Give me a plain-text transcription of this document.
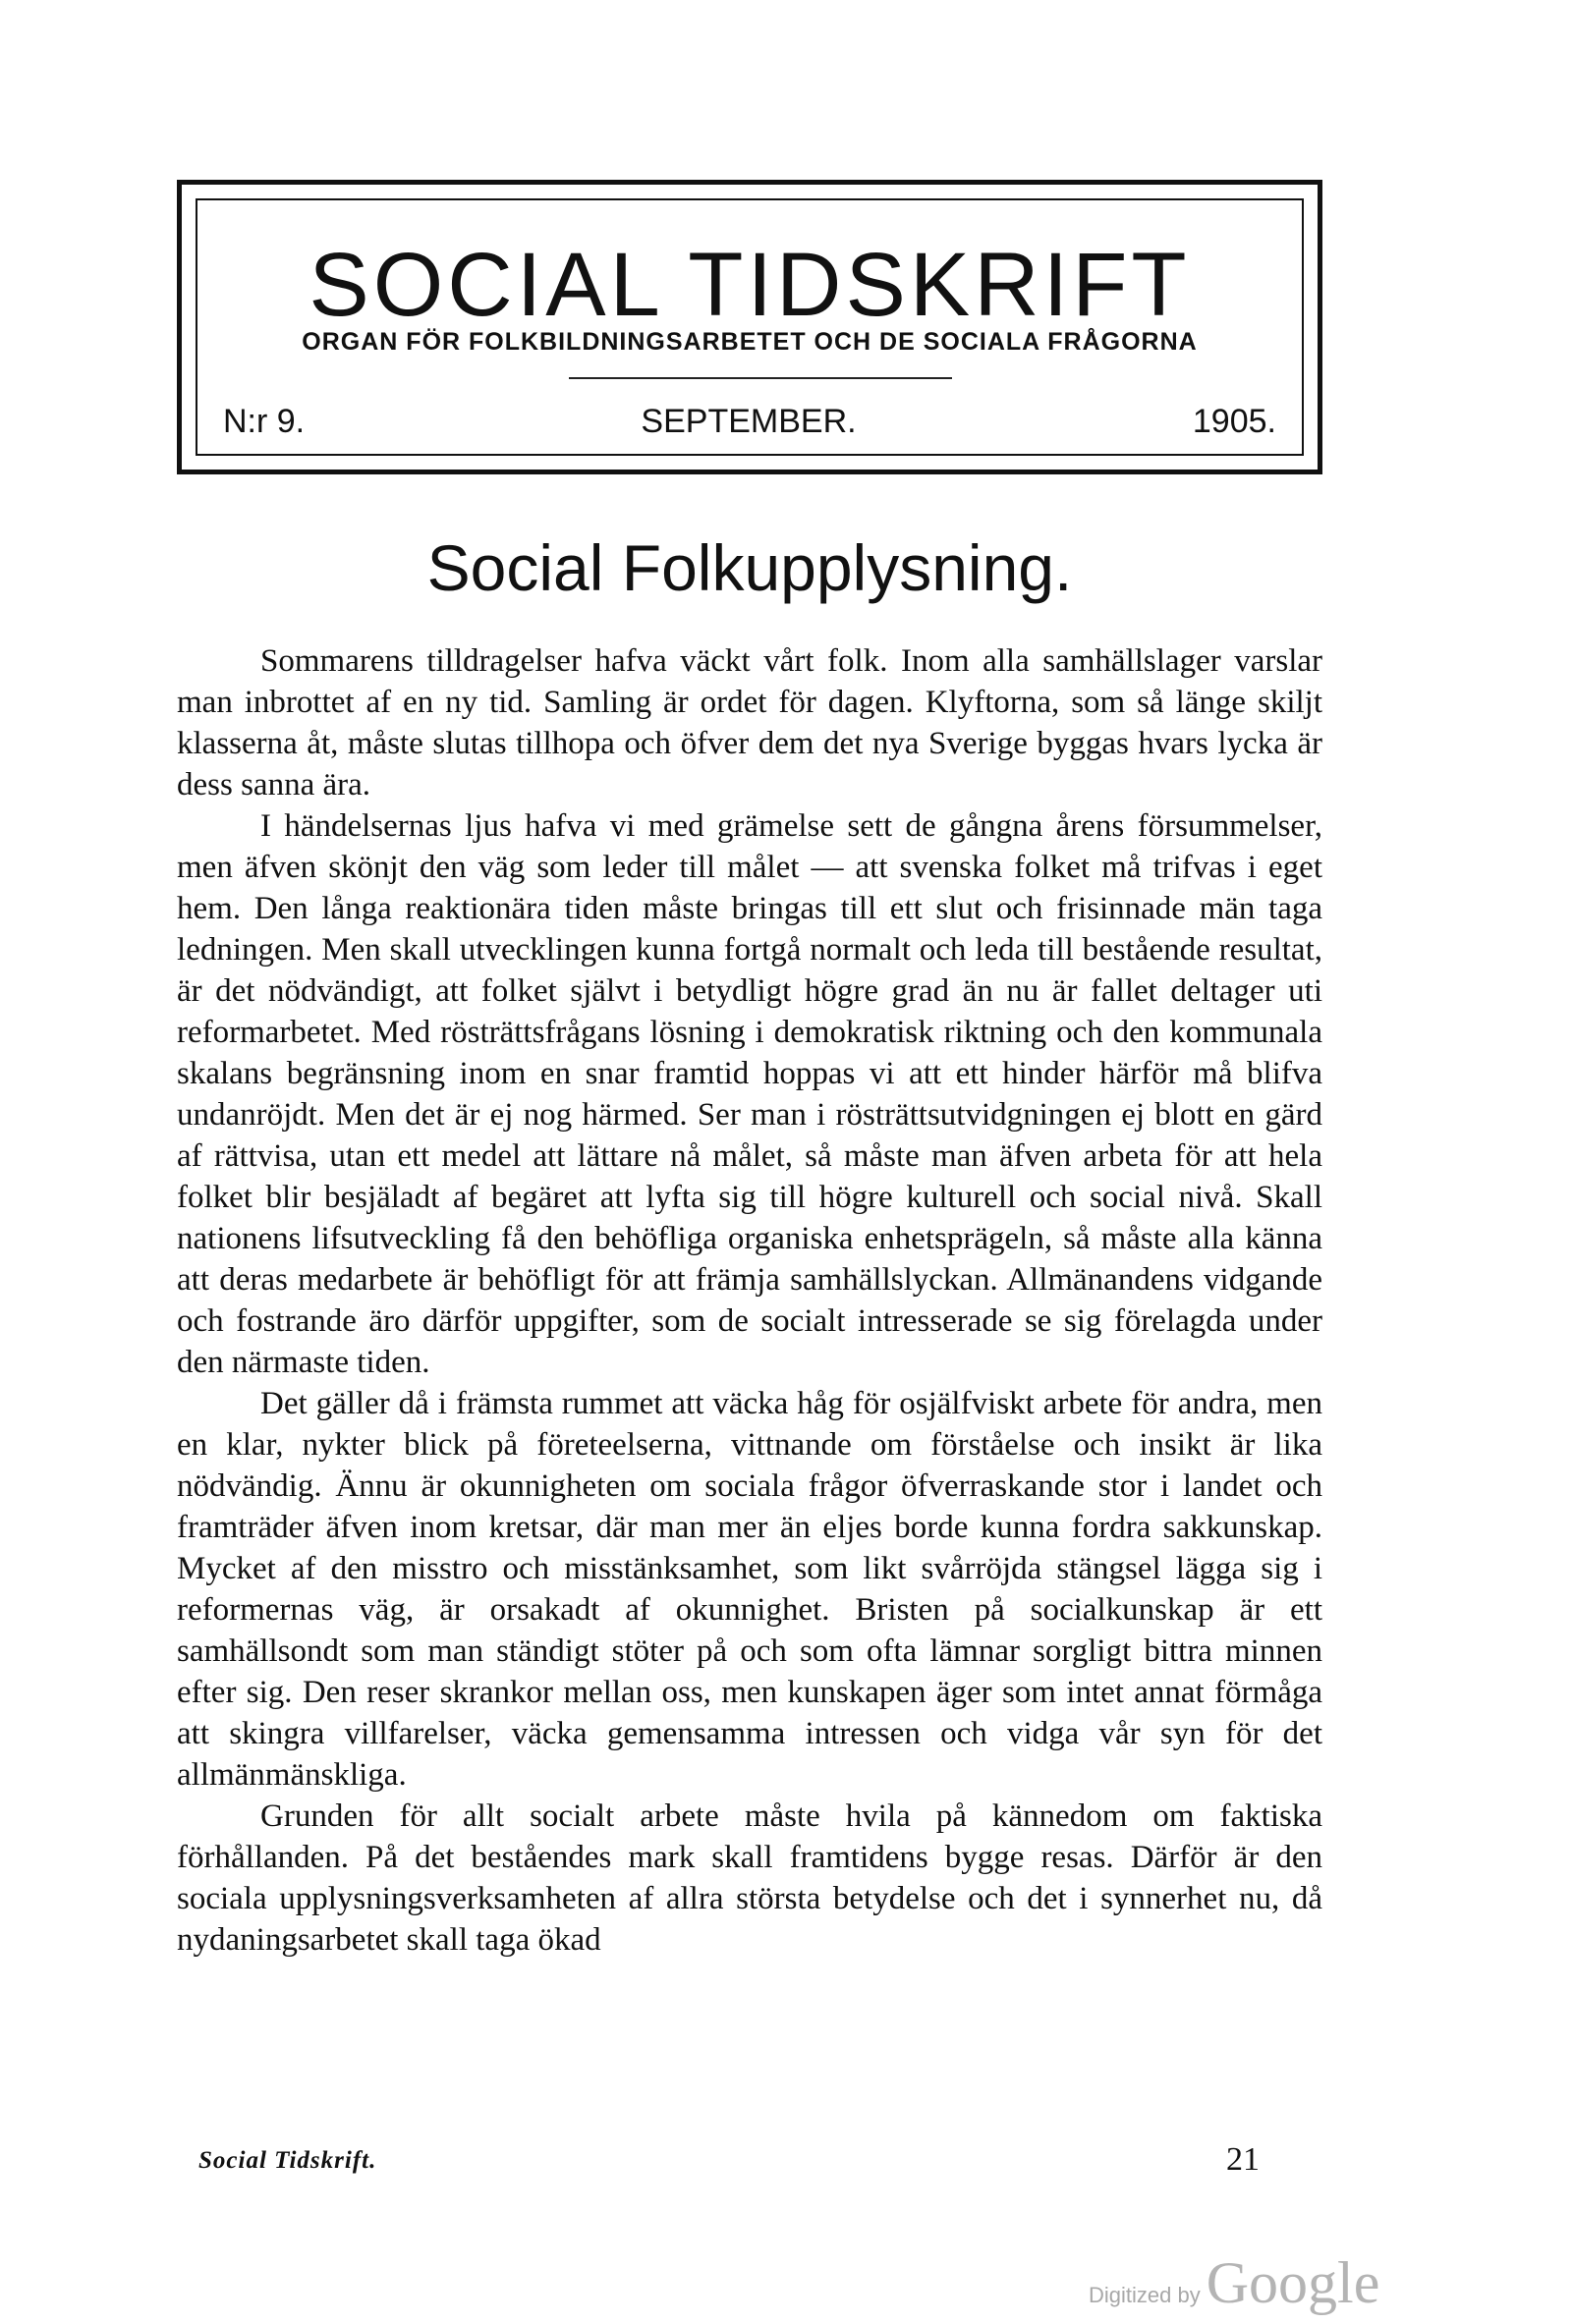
SOCIAL TIDSKRIFT
ORGAN FÖR FOLKBILDNINGSARBETET OCH DE SOCIALA FRÅGORNA
N:r 9.	SEPTEMBER.	1905.
Social Folkupplysning.

Sommarens tilldragelser hafva väckt vårt folk. Inom alla samhällslager varslar man inbrottet af en ny tid. Samling är ordet för dagen. Klyftorna, som så länge skiljt klasserna åt, måste slutas tillhopa och öfver dem det nya Sverige byggas hvars lycka är dess sanna ära.

I händelsernas ljus hafva vi med grämelse sett de gångna årens försummelser, men äfven skönjt den väg som leder till målet — att svenska folket må trifvas i eget hem. Den långa reaktionära tiden måste bringas till ett slut och frisinnade män taga ledningen. Men skall utvecklingen kunna fortgå normalt och leda till bestående resultat, är det nödvändigt, att folket självt i betydligt högre grad än nu är fallet deltager uti reformarbetet. Med rösträttsfrågans lösning i demokratisk riktning och den kommunala skalans begränsning inom en snar framtid hoppas vi att ett hinder härför må blifva undanröjdt. Men det är ej nog härmed. Ser man i rösträttsutvidgningen ej blott en gärd af rättvisa, utan ett medel att lättare nå målet, så måste man äfven arbeta för att hela folket blir besjäladt af begäret att lyfta sig till högre kulturell och social nivå. Skall nationens lifsutveckling få den behöfliga organiska enhetsprägeln, så måste alla känna att deras medarbete är behöfligt för att främja samhällslyckan. Allmänandens vidgande och fostrande äro därför uppgifter, som de socialt intresserade se sig förelagda under den närmaste tiden.

Det gäller då i främsta rummet att väcka håg för osjälfviskt arbete för andra, men en klar, nykter blick på företeelserna, vittnande om förståelse och insikt är lika nödvändig. Ännu är okunnigheten om sociala frågor öfverraskande stor i landet och framträder äfven inom kretsar, där man mer än eljes borde kunna fordra sakkunskap. Mycket af den misstro och misstänksamhet, som likt svårröjda stängsel lägga sig i reformernas väg, är orsakadt af okunnighet. Bristen på socialkunskap är ett samhällsondt som man ständigt stöter på och som ofta lämnar sorgligt bittra minnen efter sig. Den reser skrankor mellan oss, men kunskapen äger som intet annat förmåga att skingra villfarelser, väcka gemensamma intressen och vidga vår syn för det allmänmänskliga.

Grunden för allt socialt arbete måste hvila på kännedom om faktiska förhållanden. På det beståendes mark skall framtidens bygge resas. Därför är den sociala upplysningsverksamheten af allra största betydelse och det i synnerhet nu, då nydaningsarbetet skall taga ökad

Social Tidskrift.	21
Digitized by Google
